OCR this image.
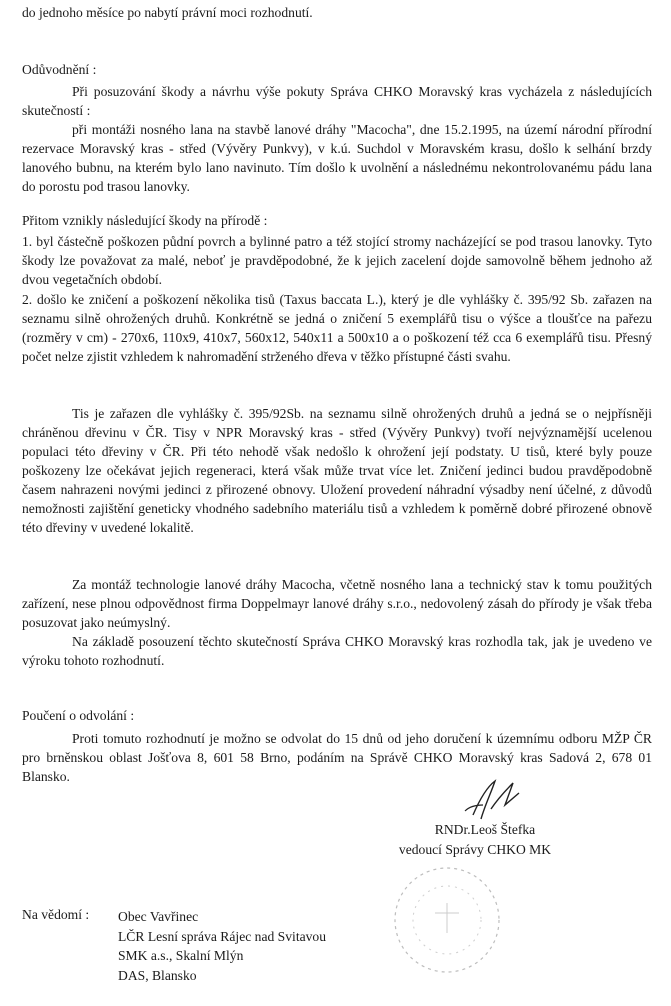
do jednoho měsíce po nabytí právní moci rozhodnutí.

Odůvodnění :

Při posuzování škody a návrhu výše pokuty Správa CHKO Moravský kras vycházela z následujících skutečností :

při montáži nosného lana na stavbě lanové dráhy "Macocha", dne 15.2.1995, na území národní přírodní rezervace Moravský kras - střed (Vývěry Punkvy), v k.ú. Suchdol v Moravském krasu, došlo k selhání brzdy lanového bubnu, na kterém bylo lano navinuto. Tím došlo k uvolnění a následnému nekontrolovanému pádu lana do porostu pod trasou lanovky.

Přitom vznikly následující škody na přírodě :

1. byl částečně poškozen půdní povrch a bylinné patro a též stojící stromy nacházející se pod trasou lanovky. Tyto škody lze považovat za malé, neboť je pravděpodobné, že k jejich zacelení dojde samovolně během jednoho až dvou vegetačních období.

2. došlo ke zničení a poškození několika tisů (Taxus baccata L.), který je dle vyhlášky č. 395/92 Sb. zařazen na seznamu silně ohrožených druhů. Konkrétně se jedná o zničení 5 exemplářů tisu o výšce a tloušťce na pařezu (rozměry v cm) - 270x6, 110x9, 410x7, 560x12, 540x11 a 500x10 a o poškození též cca 6 exemplářů tisu. Přesný počet nelze zjistit vzhledem k nahromadění strženého dřeva v těžko přístupné části svahu.

Tis je zařazen dle vyhlášky č. 395/92Sb. na seznamu silně ohrožených druhů a jedná se o nejpřísněji chráněnou dřevinu v ČR. Tisy v NPR Moravský kras - střed (Vývěry Punkvy) tvoří nejvýznamější ucelenou populaci této dřeviny v ČR. Při této nehodě však nedošlo k ohrožení její podstaty. U tisů, které byly pouze poškozeny lze očekávat jejich regeneraci, která však může trvat více let. Zničení jedinci budou pravděpodobně časem nahrazeni novými jedinci z přirozené obnovy. Uložení provedení náhradní výsadby není účelné, z důvodů nemožnosti zajištění geneticky vhodného sadebního materiálu tisů a vzhledem k poměrně dobré přirozené obnově této dřeviny v uvedené lokalitě.

Za montáž technologie lanové dráhy Macocha, včetně nosného lana a technický stav k tomu použitých zařízení, nese plnou odpovědnost firma Doppelmayr lanové dráhy s.r.o., nedovolený zásah do přírody je však třeba posuzovat jako neúmyslný.

Na základě posouzení těchto skutečností Správa CHKO Moravský kras rozhodla tak, jak je uvedeno ve výroku tohoto rozhodnutí.

Poučení o odvolání :

Proti tomuto rozhodnutí je možno se odvolat do 15 dnů od jeho doručení k územnímu odboru MŽP ČR pro brněnskou oblast Jošťova 8, 601 58 Brno, podáním na Správě CHKO Moravský kras Sadová 2, 678 01 Blansko.

RNDr.Leoš Štefka

vedoucí Správy CHKO MK

Na vědomí : Obec Vavřinec
LČR Lesní správa Rájec nad Svitavou
SMK a.s., Skalní Mlýn
DAS, Blansko
